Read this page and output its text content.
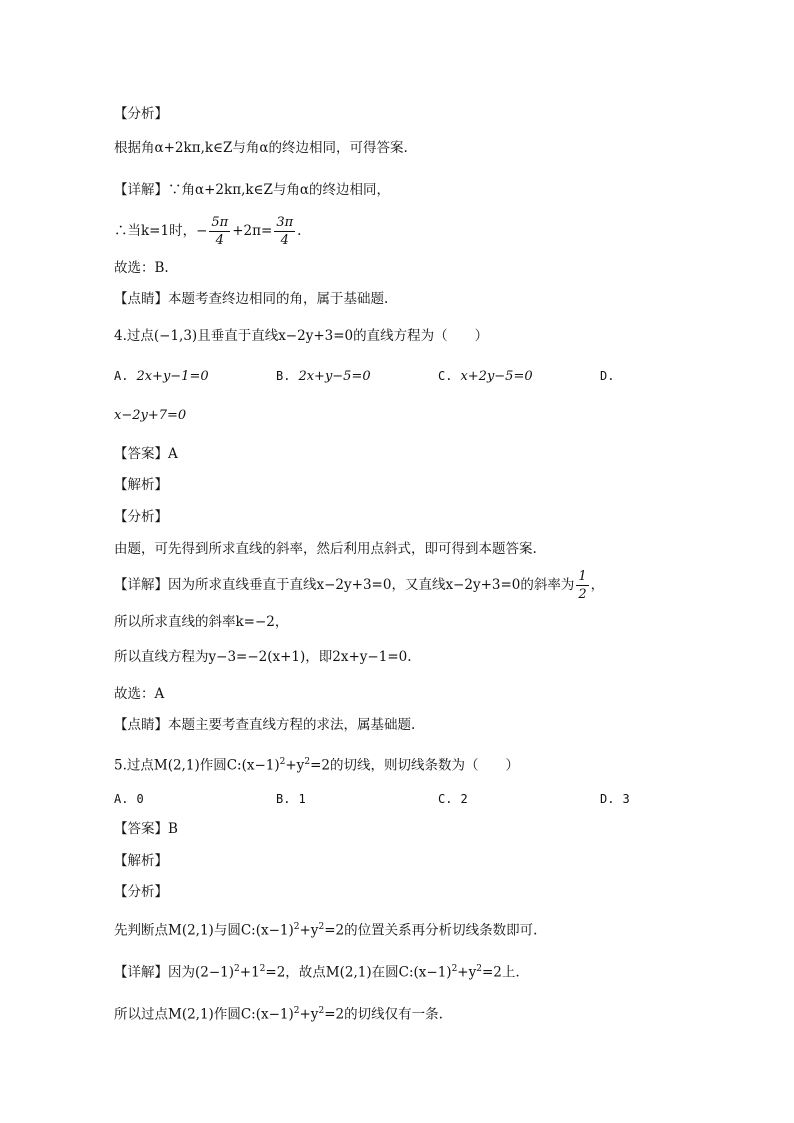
【分析】
根据角α+2kπ,k∈Z与角α的终边相同，可得答案.
【详解】∵角α+2kπ,k∈Z与角α的终边相同，
∴当k=1时，− $\frac{5\pi}{4} +2\pi= \frac{3\pi}{4}$ .
故选：B.
【点睛】本题考查终边相同的角，属于基础题.
4.过点(−1,3)且垂直于直线x−2y+3=0的直线方程为（　　）
A. 2x+y−1=0	B. 2x+y−5=0	C. x+2y−5=0	D.
x−2y+7=0
【答案】A
【解析】
【分析】
由题，可先得到所求直线的斜率，然后利用点斜式，即可得到本题答案.
【详解】因为所求直线垂直于直线x−2y+3=0，又直线x−2y+3=0的斜率为 $\frac{1}{2}$ ，
所以所求直线的斜率k=−2，
所以直线方程为y−3=−2(x+1)，即2x+y−1=0.
故选：A
【点睛】本题主要考查直线方程的求法，属基础题.
5.过点M(2,1)作圆$C:(x-1)^2+y^2=2$的切线，则切线条数为（　　）
A. 0	B. 1	C. 2	D. 3
【答案】B
【解析】
【分析】
先判断点M(2,1)与圆$C:(x-1)^2+y^2=2$的位置关系再分析切线条数即可.
【详解】因为$(2-1)^2+1^2=2$，故点M(2,1)在圆$C:(x-1)^2+y^2=2$上.
所以过点M(2,1)作圆$C:(x-1)^2+y^2=2$的切线仅有一条.
